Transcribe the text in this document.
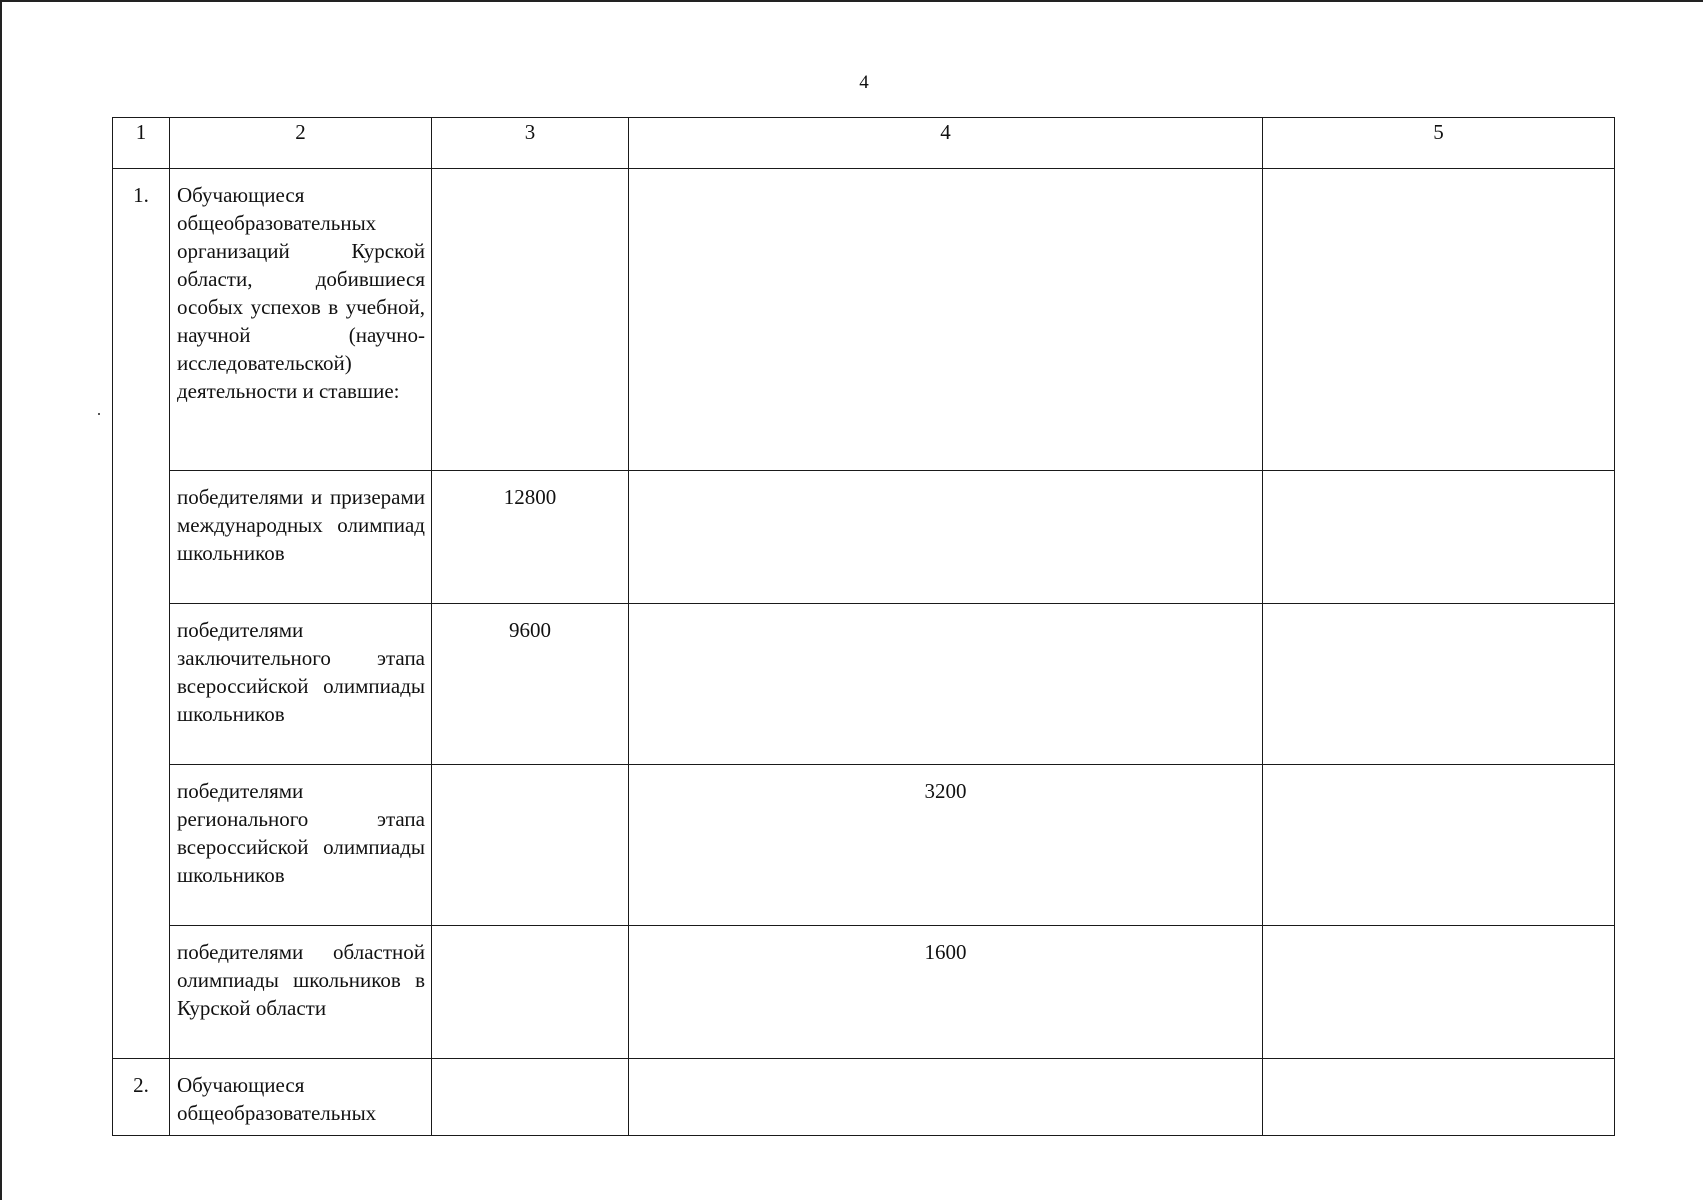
4
1	2	3	4	5
1.	Обучающиеся общеобразовательных организаций Курской области, добившиеся особых успехов в учебной, научной (научно-исследовательской) деятельности и ставшие:			
	победителями и призерами международных олимпиад школьников	12800		
	победителями заключительного этапа всероссийской олимпиады школьников	9600		
	победителями регионального этапа всероссийской олимпиады школьников		3200	
	победителями областной олимпиады школьников в Курской области		1600	
2.	Обучающиеся общеобразовательных			
